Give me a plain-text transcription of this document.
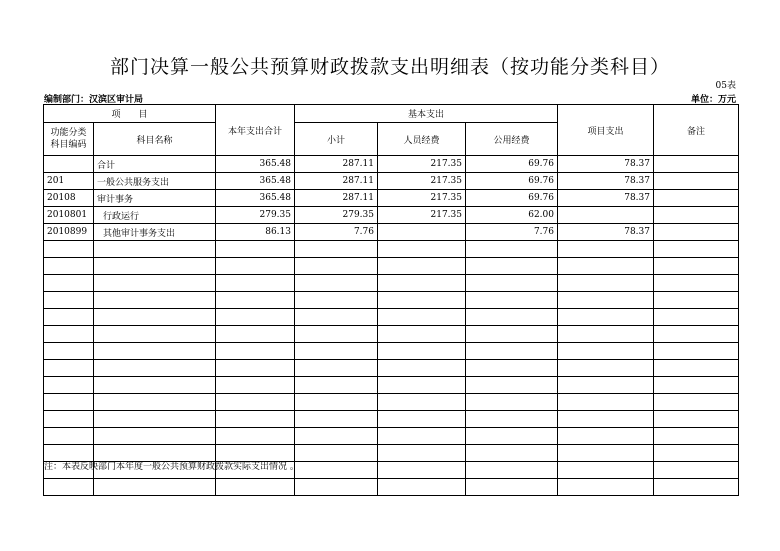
部门决算一般公共预算财政拨款支出明细表（按功能分类科目）
05表
编制部门：汉滨区审计局	单位：万元
项　　目		本年支出合计	基本支出			项目支出	备注
功能分类科目编码	科目名称		小计	人员经费	公用经费		
	合计	365.48	287.11	217.35	69.76	78.37	
201	一般公共服务支出	365.48	287.11	217.35	69.76	78.37	
20108	审计事务	365.48	287.11	217.35	69.76	78.37	
2010801	行政运行	279.35	279.35	217.35	62.00		
2010899	其他审计事务支出	86.13	7.76		7.76	78.37	

注：本表反映部门本年度一般公共预算财政拨款实际支出情况 。
